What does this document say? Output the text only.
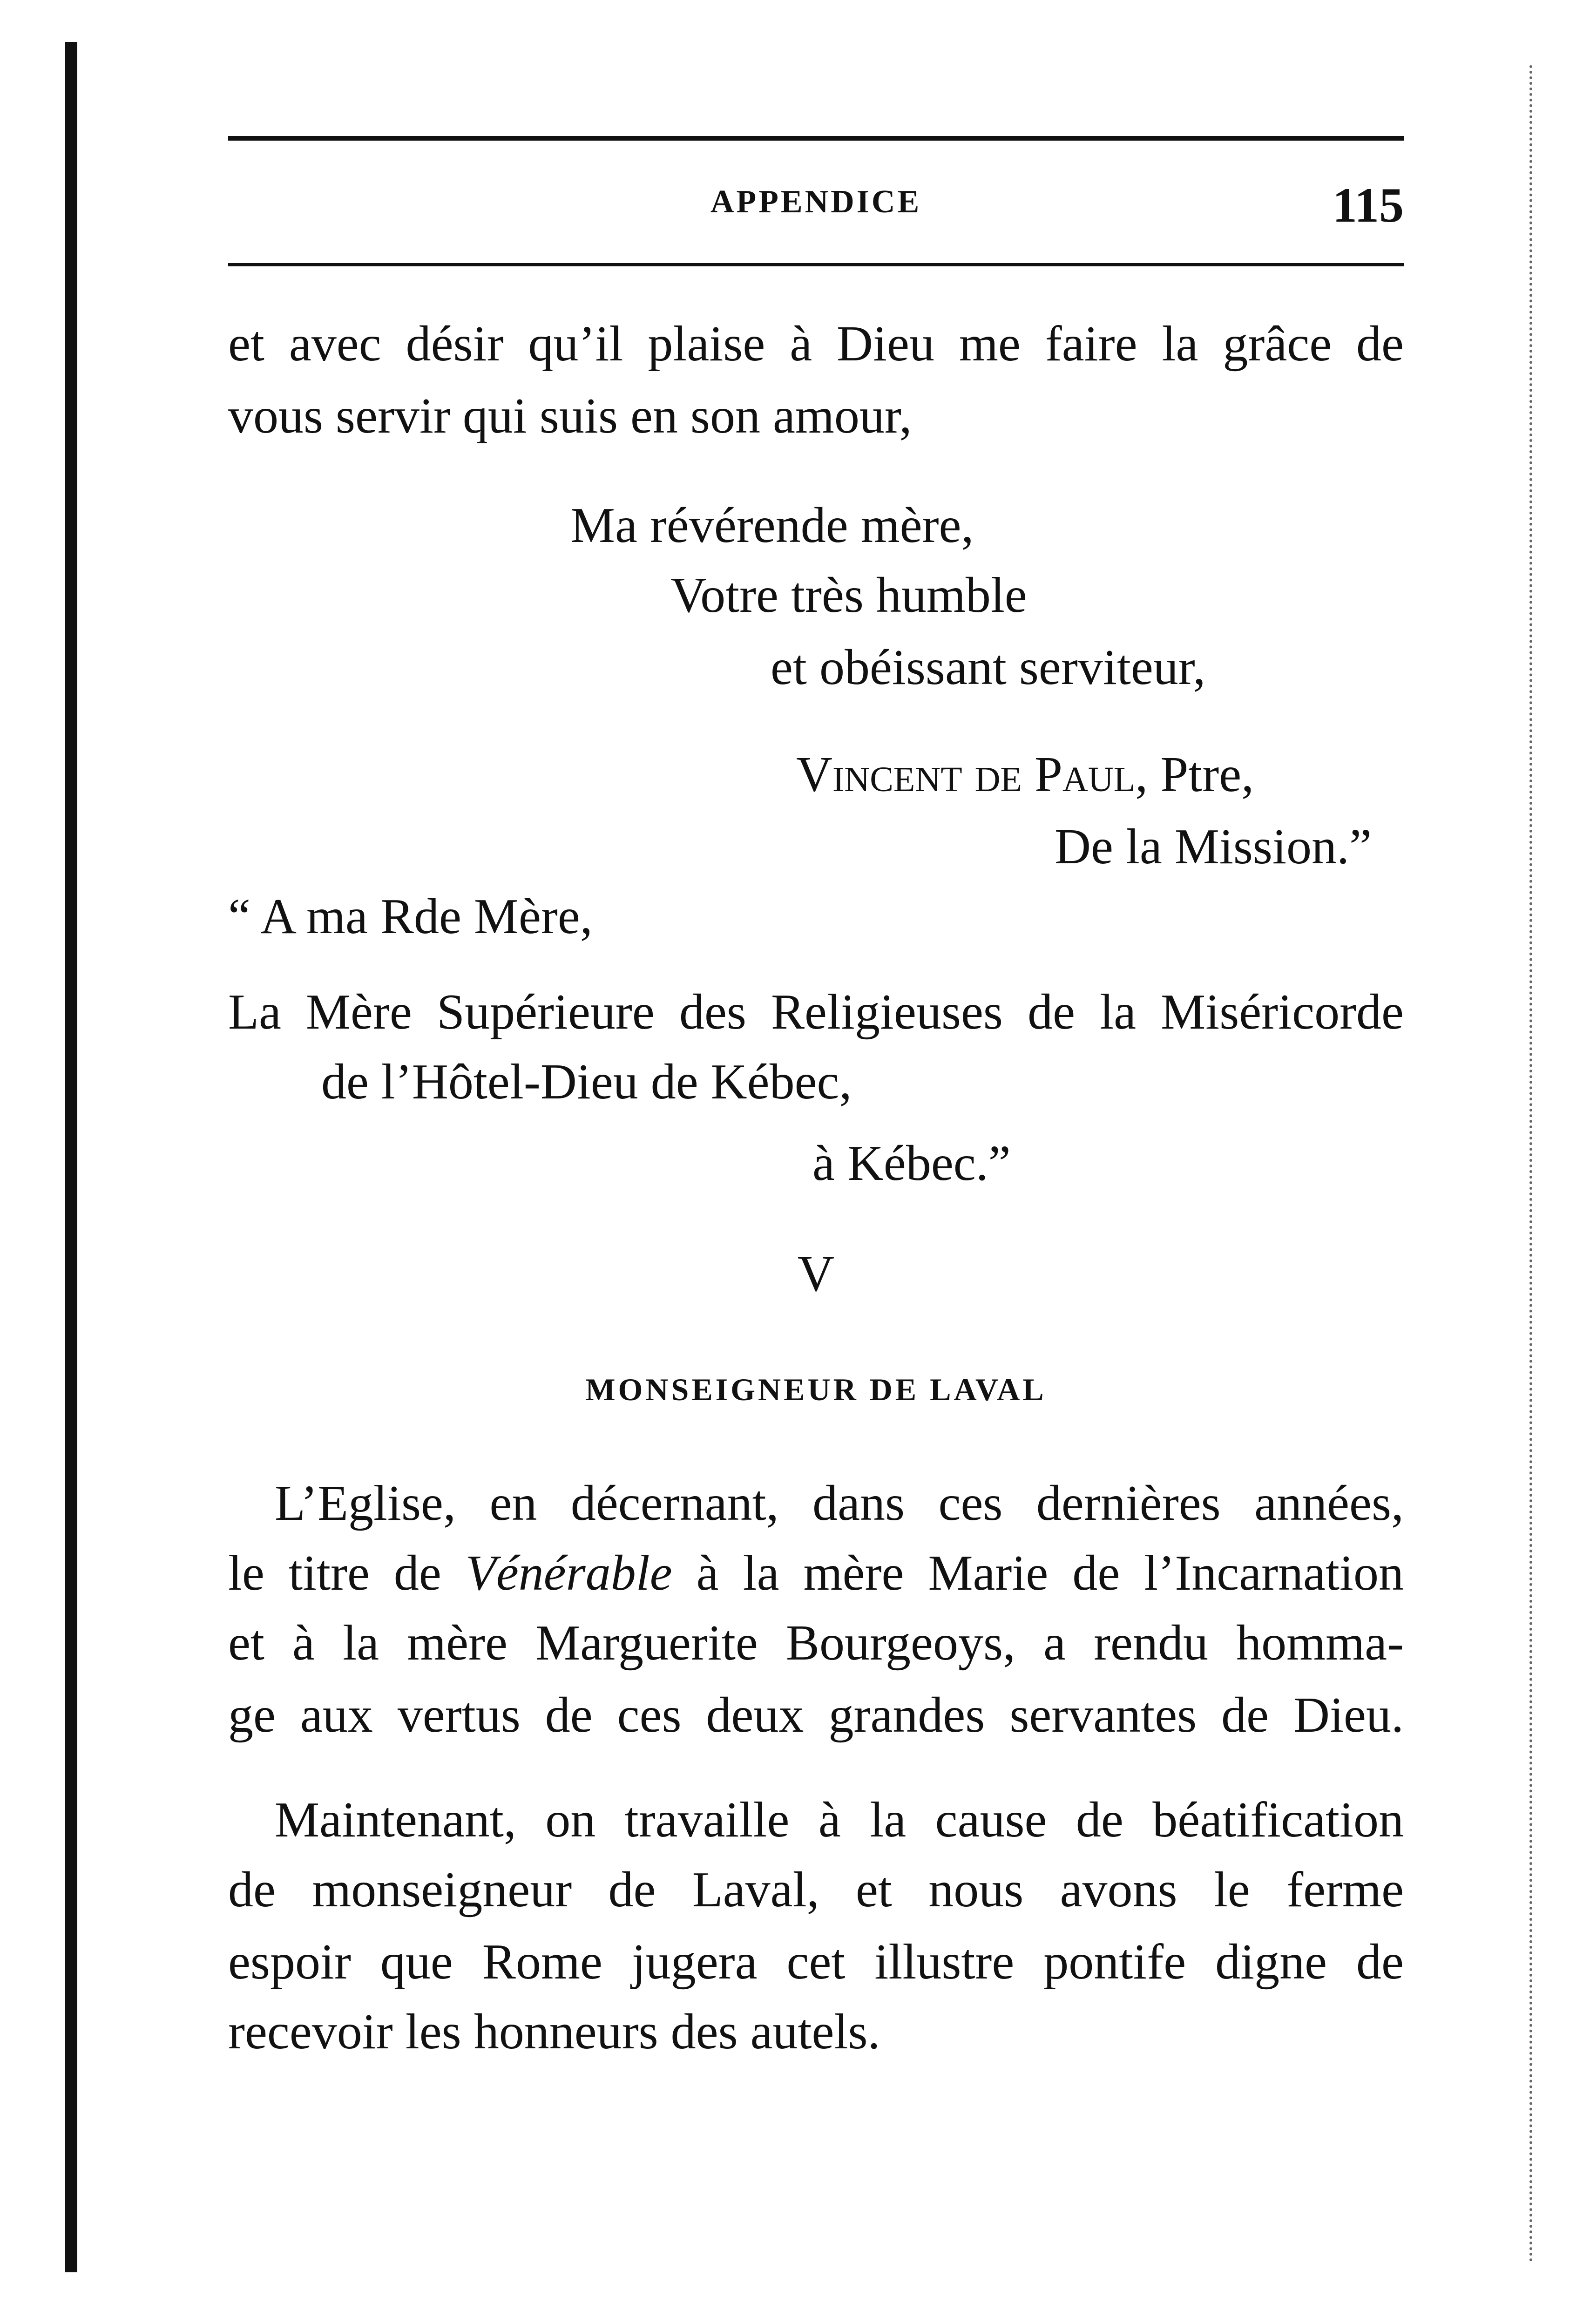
APPENDICE	115
et avec désir qu’il plaise à Dieu me faire la grâce de
vous servir qui suis en son amour,
Ma révérende mère,
Votre très humble
et obéissant serviteur,
Vincent de Paul, Ptre,
De la Mission.”
“ A ma Rde Mère,
La Mère Supérieure des Religieuses de la Miséricorde
de l’Hôtel-Dieu de Kébec,
à Kébec.”
V
MONSEIGNEUR DE LAVAL
L’Eglise, en décernant, dans ces dernières années,
le titre de Vénérable à la mère Marie de l’Incarnation
et à la mère Marguerite Bourgeoys, a rendu homma-
ge aux vertus de ces deux grandes servantes de Dieu.
Maintenant, on travaille à la cause de béatification
de monseigneur de Laval, et nous avons le ferme
espoir que Rome jugera cet illustre pontife digne de
recevoir les honneurs des autels.
